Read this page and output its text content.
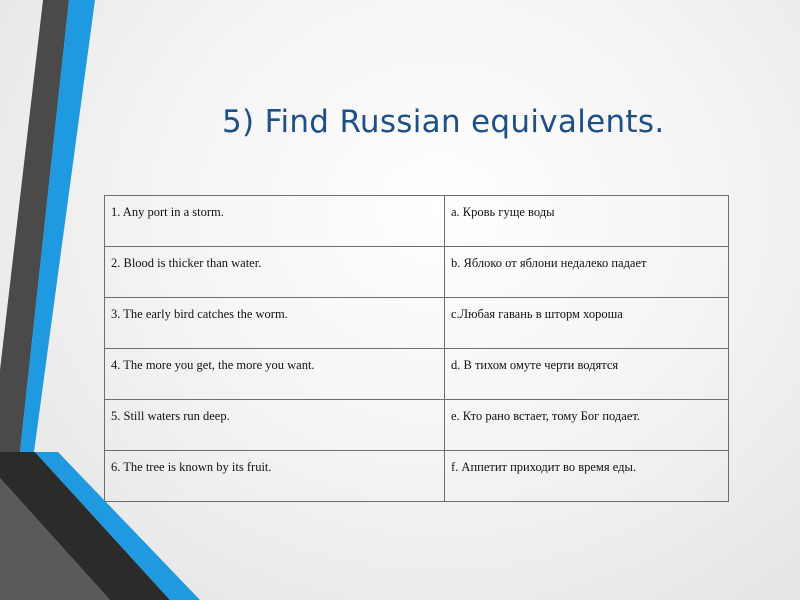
5) Find Russian equivalents.
1. Any port in a storm.	a. Кровь гуще воды
2. Blood is thicker than water.	b. Яблоко от яблони недалеко падает
3. The early bird catches the worm.	c.Любая гавань в шторм хороша
4. The more you get, the more you want.	d. В тихом омуте черти водятся
5. Still waters run deep.	e. Кто рано встает, тому Бог подает.
6. The tree is known by its fruit.	f. Аппетит приходит во время еды.
